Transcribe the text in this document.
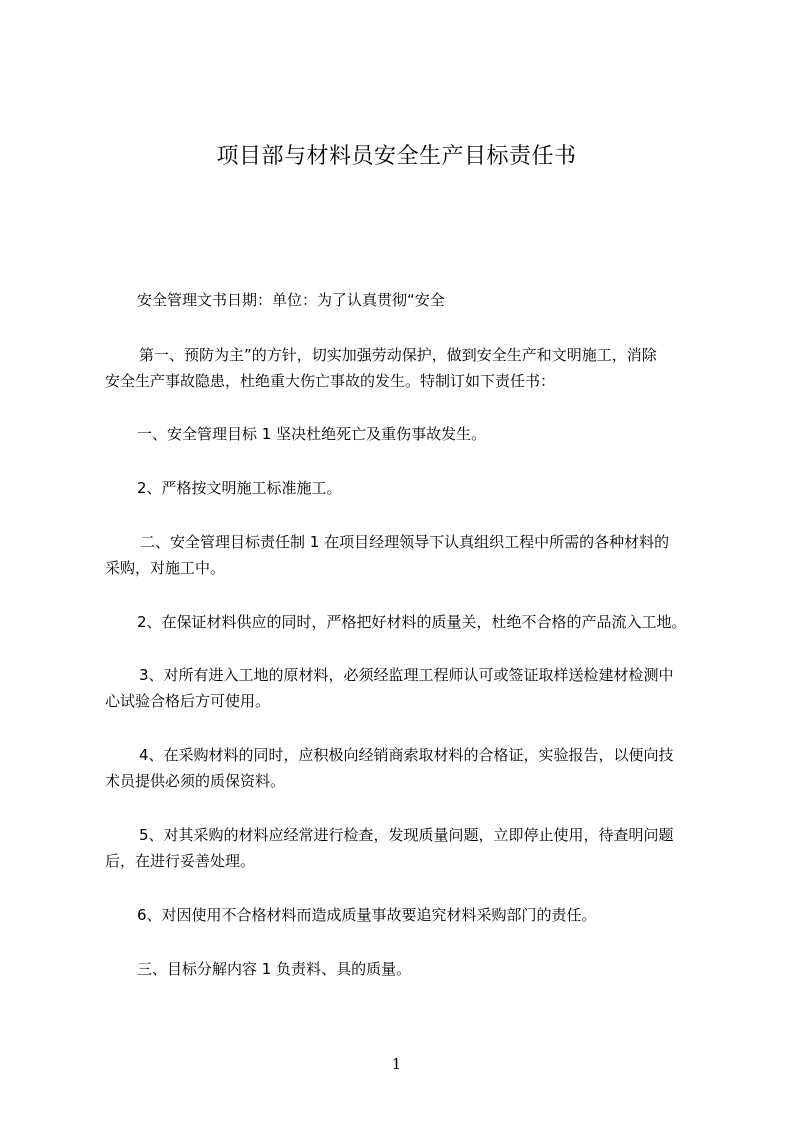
项目部与材料员安全生产目标责任书

安全管理文书日期：单位：为了认真贯彻“安全

第一、预防为主”的方针，切实加强劳动保护，做到安全生产和文明施工，消除
安全生产事故隐患，杜绝重大伤亡事故的发生。特制订如下责任书：

一、安全管理目标 1 坚决杜绝死亡及重伤事故发生。

2、严格按文明施工标准施工。

二、安全管理目标责任制 1 在项目经理领导下认真组织工程中所需的各种材料的
采购，对施工中。

2、在保证材料供应的同时，严格把好材料的质量关，杜绝不合格的产品流入工地。

3、对所有进入工地的原材料，必须经监理工程师认可或签证取样送检建材检测中
心试验合格后方可使用。

4、在采购材料的同时，应积极向经销商索取材料的合格证，实验报告，以便向技
术员提供必须的质保资料。

5、对其采购的材料应经常进行检查，发现质量问题，立即停止使用，待查明问题
后，在进行妥善处理。

6、对因使用不合格材料而造成质量事故要追究材料采购部门的责任。

三、目标分解内容 1 负责料、具的质量。

1
